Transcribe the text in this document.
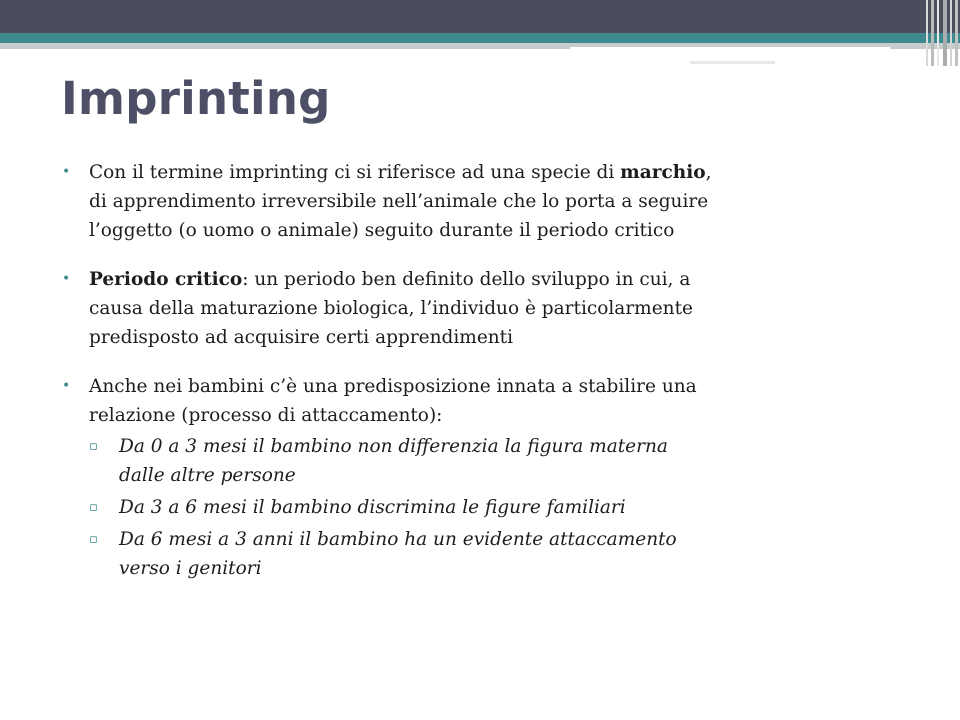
Imprinting
• Con il termine imprinting ci si riferisce ad una specie di marchio,
di apprendimento irreversibile nell’animale che lo porta a seguire
l’oggetto (o uomo o animale) seguito durante il periodo critico
• Periodo critico: un periodo ben definito dello sviluppo in cui, a
causa della maturazione biologica, l’individuo è particolarmente
predisposto ad acquisire certi apprendimenti
• Anche nei bambini c’è una predisposizione innata a stabilire una
relazione (processo di attaccamento):
▫ Da 0 a 3 mesi il bambino non differenzia la figura materna
dalle altre persone
▫ Da 3 a 6 mesi il bambino discrimina le figure familiari
▫ Da 6 mesi a 3 anni il bambino ha un evidente attaccamento
verso i genitori
